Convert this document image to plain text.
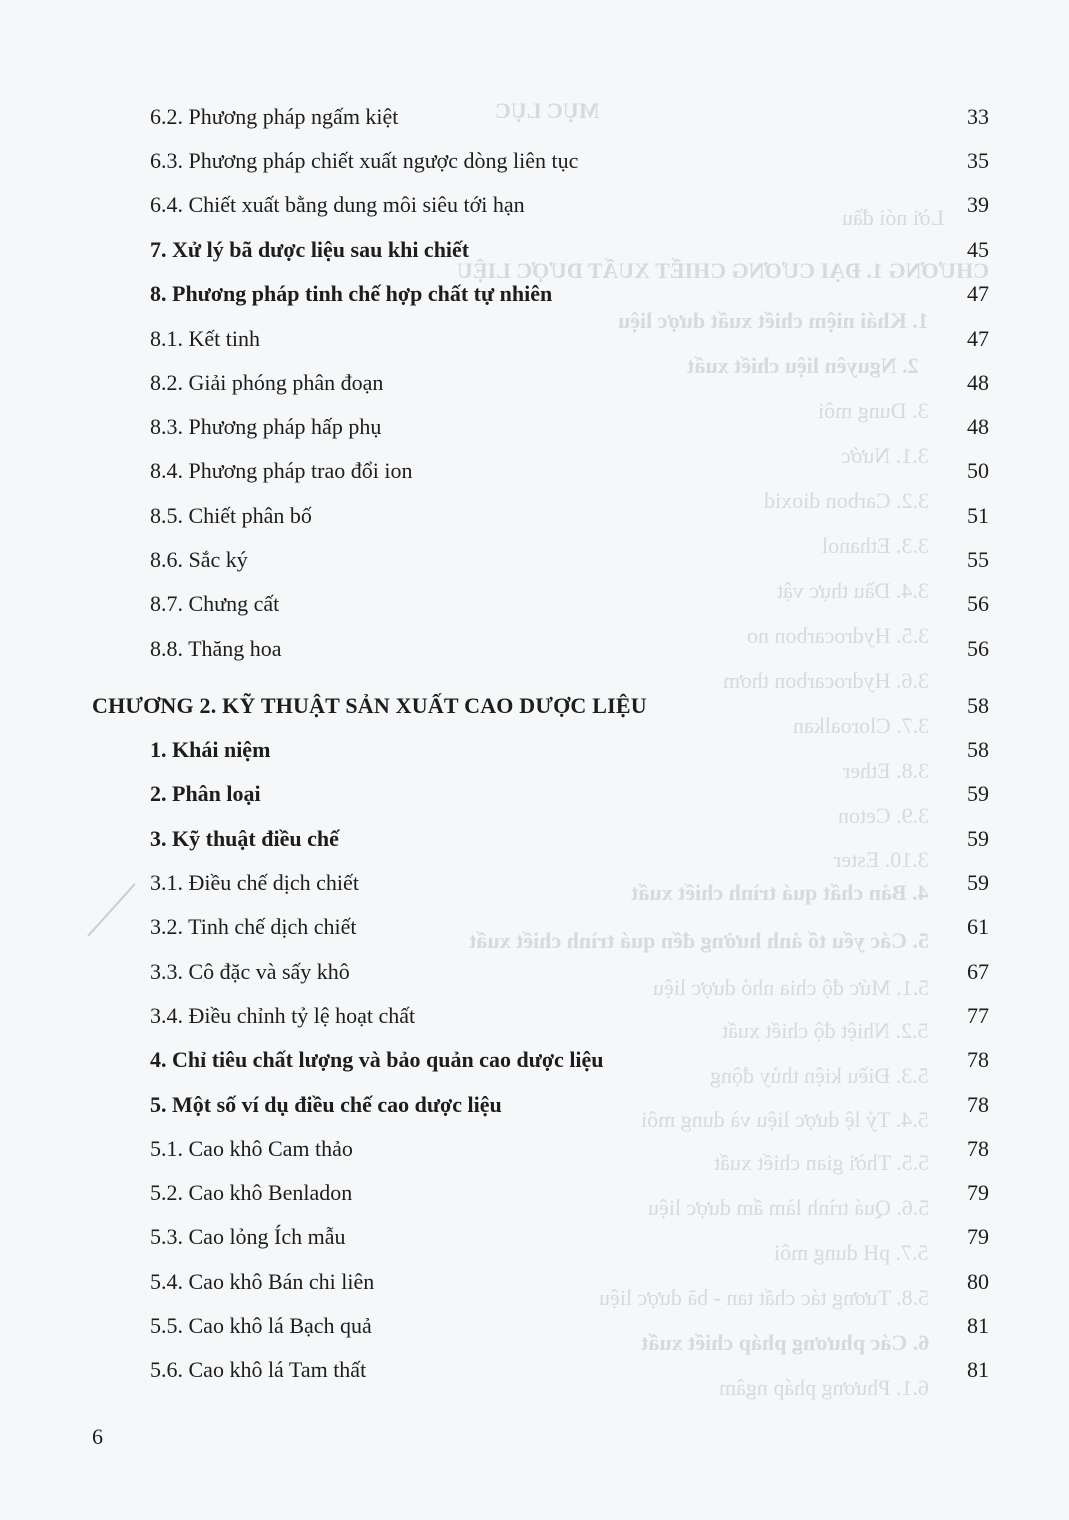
MỤC LỤC
Lời nói đầu
CHƯƠNG 1. ĐẠI CƯƠNG CHIẾT XUẤT DƯỢC LIỆU
1. Khái niệm chiết xuất dược liệu
2. Nguyên liệu chiết xuất
3. Dung môi
3.1. Nước
3.2. Carbon dioxid
3.3. Ethanol
3.4. Dầu thực vật
3.5. Hydrocarbon no
3.6. Hydrocarbon thơm
3.7. Cloroalkan
3.8. Ether
3.9. Ceton
3.10. Ester
4. Bản chất quá trình chiết xuất
5. Các yếu tố ảnh hưởng đến quá trình chiết xuất
5.1. Mức độ chia nhỏ dược liệu
5.2. Nhiệt độ chiết xuất
5.3. Điều kiện thủy động
5.4. Tỷ lệ dược liệu và dung môi
5.5. Thời gian chiết xuất
5.6. Quá trình làm ẩm dược liệu
5.7. pH dung môi
5.8. Tương tác chất tan - bã dược liệu
6. Các phương pháp chiết xuất
6.1. Phương pháp ngâm
6.2. Phương pháp ngấm kiệt	33
6.3. Phương pháp chiết xuất ngược dòng liên tục	35
6.4. Chiết xuất bằng dung môi siêu tới hạn	39
7. Xử lý bã dược liệu sau khi chiết	45
8. Phương pháp tinh chế hợp chất tự nhiên	47
8.1. Kết tinh	47
8.2. Giải phóng phân đoạn	48
8.3. Phương pháp hấp phụ	48
8.4. Phương pháp trao đổi ion	50
8.5. Chiết phân bố	51
8.6. Sắc ký	55
8.7. Chưng cất	56
8.8. Thăng hoa	56
CHƯƠNG 2. KỸ THUẬT SẢN XUẤT CAO DƯỢC LIỆU	58
1. Khái niệm	58
2. Phân loại	59
3. Kỹ thuật điều chế	59
3.1. Điều chế dịch chiết	59
3.2. Tinh chế dịch chiết	61
3.3. Cô đặc và sấy khô	67
3.4. Điều chỉnh tỷ lệ hoạt chất	77
4. Chỉ tiêu chất lượng và bảo quản cao dược liệu	78
5. Một số ví dụ điều chế cao dược liệu	78
5.1. Cao khô Cam thảo	78
5.2. Cao khô Benladon	79
5.3. Cao lỏng Ích mẫu	79
5.4. Cao khô Bán chi liên	80
5.5. Cao khô lá Bạch quả	81
5.6. Cao khô lá Tam thất	81
6
